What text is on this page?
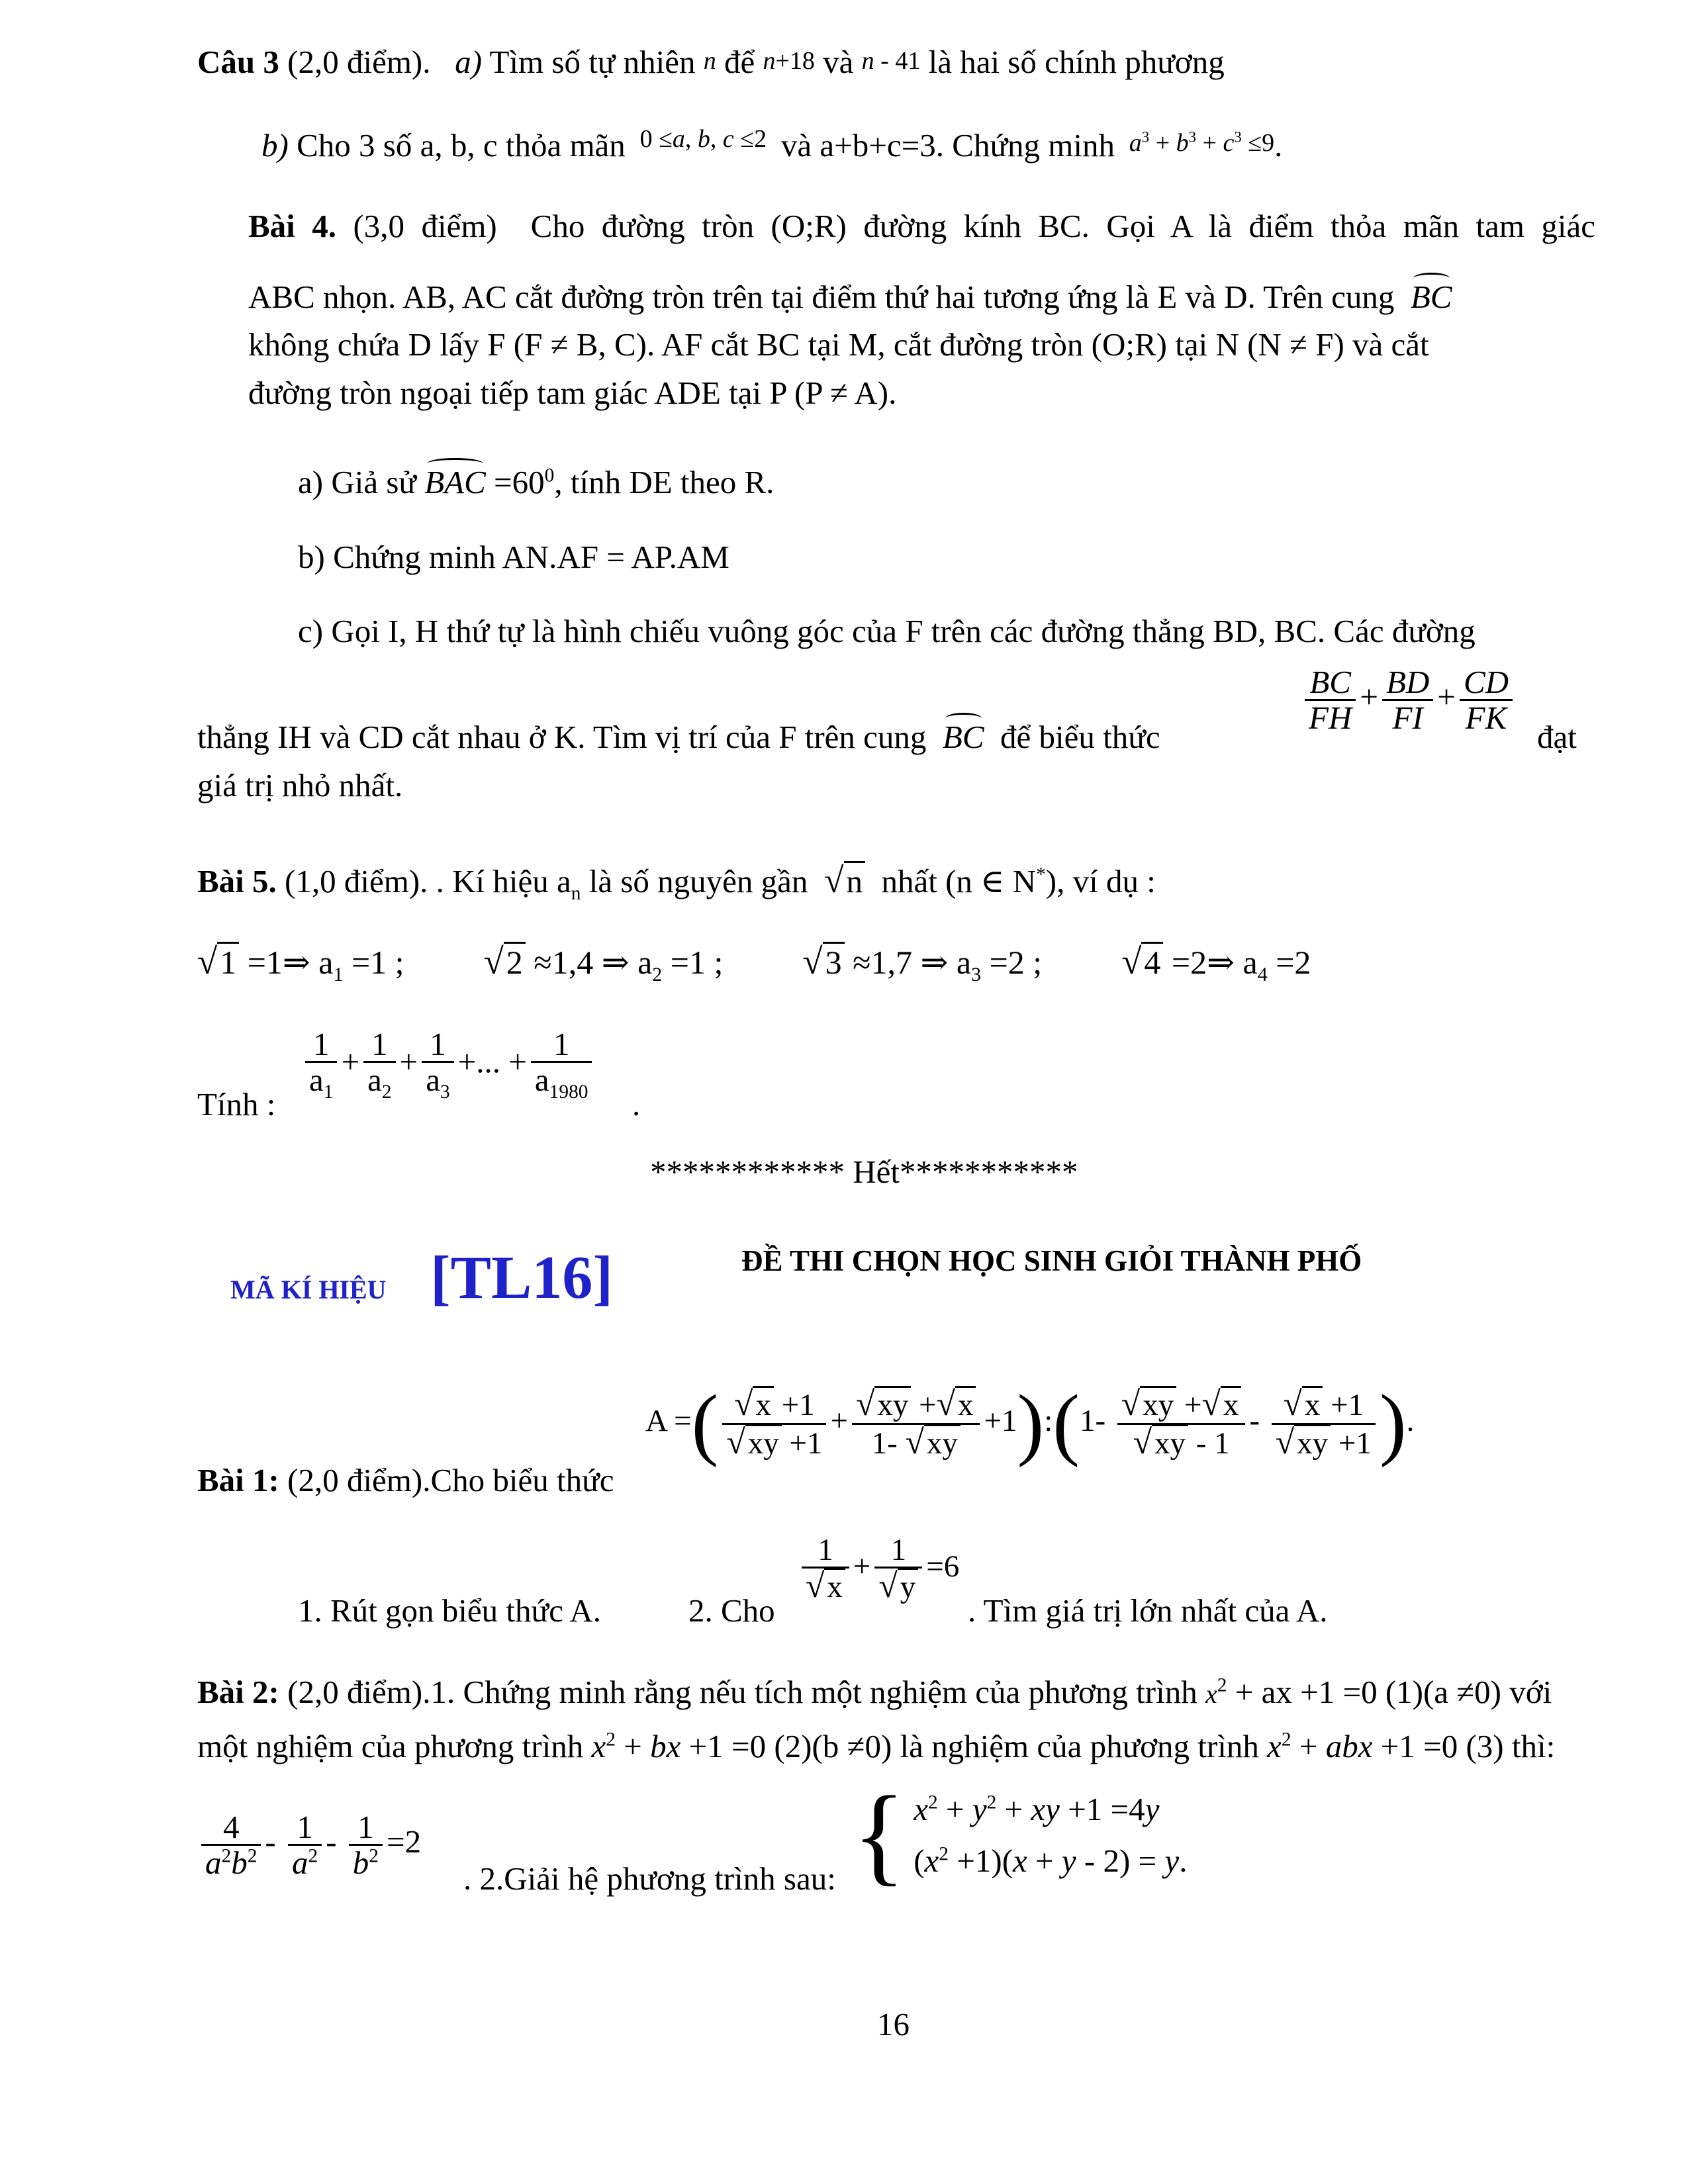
Câu 3 (2,0 điểm). a) Tìm số tự nhiên n để n+18 và n - 41 là hai số chính phương
b) Cho 3 số a, b, c thỏa mãn  $^{0 \le a, b, c \le 2}$  và a+b+c=3. Chứng minh $a^3 + b^3 + c^3 \le 9$.
Bài 4. (3,0 điểm) Cho đường tròn (O;R) đường kính BC. Gọi A là điểm thỏa mãn tam giác
ABC nhọn. AB, AC cắt đường tròn trên tại điểm thứ hai tương ứng là E và D. Trên cung BC
không chứa D lấy F (F ≠ B, C). AF cắt BC tại M, cắt đường tròn (O;R) tại N (N ≠ F) và cắt
đường tròn ngoại tiếp tam giác ADE tại P (P ≠ A).
a) Giả sử BAC $=60^0$, tính DE theo R.
b) Chứng minh AN.AF = AP.AM
c) Gọi I, H thứ tự là hình chiếu vuông góc của F trên các đường thẳng BD, BC. Các đường
$\frac{BC}{FH} + \frac{BD}{FI} + \frac{CD}{FK}$
thẳng IH và CD cắt nhau ở K. Tìm vị trí của F trên cung BC để biểu thức	đạt
giá trị nhỏ nhất.
Bài 5. (1,0 điểm). . Kí hiệu $a_n$ là số nguyên gần √n nhất (n ∈ N*), ví dụ :
√1 =1⇒ $a_1 =1$ ;  √2 ≈1,4 ⇒ $a_2 =1$ ;  √3 ≈1,7 ⇒ $a_3 =2$ ;  √4 =2⇒ $a_4 =2$
$\frac{1}{a_1} + \frac{1}{a_2} + \frac{1}{a_3}$ +... + $\frac{1}{a_{1980}}$
Tính :	.
************ Hết***********
MÃ KÍ HIỆU [TL16]	ĐỀ THI CHỌN HỌC SINH GIỎI THÀNH PHỐ
A =( $\frac{√x +1}{√xy +1} + \frac{√xy +√x}{1- √xy}$ +1):(1- $\frac{√xy +√x}{√xy - 1} - \frac{√x +1}{√xy +1}$ ).
Bài 1: (2,0 điểm).Cho biểu thức
$\frac{1}{√x} + \frac{1}{√y} =6$
1. Rút gọn biểu thức A.	2. Cho	. Tìm giá trị lớn nhất của A.
Bài 2: (2,0 điểm).1. Chứng minh rằng nếu tích một nghiệm của phương trình $x^2$ + ax +1 =0 (1)(a ≠0) với
một nghiệm của phương trình $x^2$ + bx +1 =0 (2)(b ≠0) là nghiệm của phương trình $x^2$ + abx +1 =0 (3) thì:
$\frac{4}{a^2b^2} - \frac{1}{a^2} - \frac{1}{b^2} =2$
. 2.Giải hệ phương trình sau: { $x^2 + y^2$ + xy +1 =4y
$(x^2 +1)(x + y - 2) = y$.
16
